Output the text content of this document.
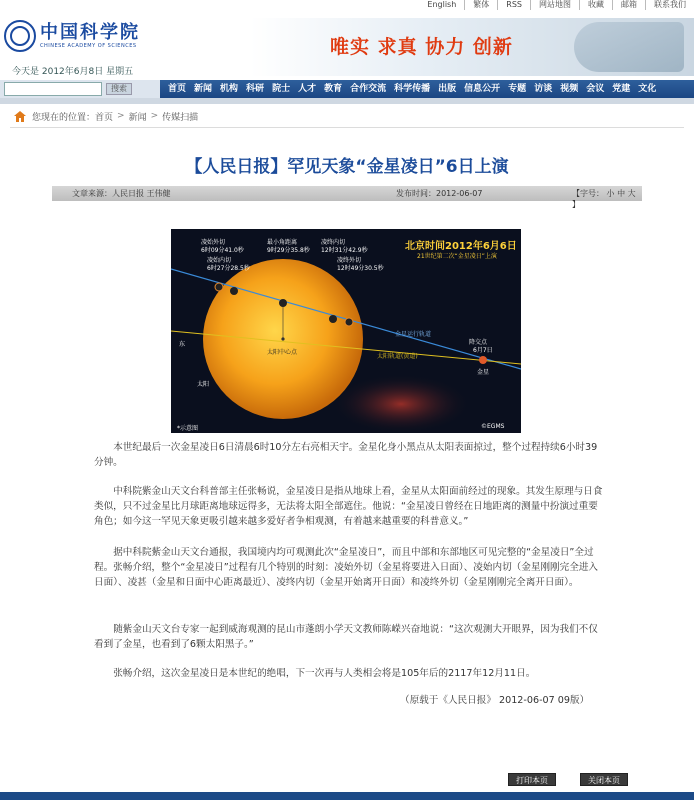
English	繁体	RSS	网站地图	收藏	邮箱	联系我们
中国科学院
CHINESE ACADEMY OF SCIENCES
今天是 2012年6月8日 星期五
唯实 求真 协力 创新
搜索	首页 新闻 机构 科研 院士 人才 教育 合作交流 科学传播 出版 信息公开 专题 访谈 视频 会议 党建 文化
您现在的位置： 首页 > 新闻 > 传媒扫描
【人民日报】罕见天象“金星凌日”6日上演
文章来源：人民日报 王伟健	发布时间：2012-06-07	【字号： 小 中 大 】
北京时间2012年6月6日
21世纪第二次“金星凌日”上演
凌始外切
6时09分41.0秒
凌始内切
6时27分28.5秒
最小角距离
9时29分35.8秒
凌终内切
12时31分42.9秒
凌终外切
12时49分30.5秒
降交点
6月7日
太阳中心点
金星
金星运行轨道
太阳轨道(黄道)
东
太阳
*示意图	©EGMS

本世纪最后一次金星凌日6日清晨6时10分左右亮相天宇。金星化身小黑点从太阳表面掠过，整个过程持续6小时39分钟。

中科院紫金山天文台科普部主任张畅说，金星凌日是指从地球上看，金星从太阳面前经过的现象。其发生原理与日食类似，只不过金星比月球距离地球远得多，无法将太阳全部遮住。他说：“金星凌日曾经在日地距离的测量中扮演过重要角色；如今这一罕见天象更吸引越来越多爱好者争相观测，有着越来越重要的科普意义。”

据中科院紫金山天文台通报，我国境内均可观测此次“金星凌日”，而且中部和东部地区可见完整的“金星凌日”全过程。张畅介绍，整个“金星凌日”过程有几个特别的时刻：凌始外切（金星将要进入日面）、凌始内切（金星刚刚完全进入日面）、凌甚（金星和日面中心距离最近）、凌终内切（金星开始离开日面）和凌终外切（金星刚刚完全离开日面）。

随紫金山天文台专家一起到威海观测的昆山市蓬朗小学天文教师陈嵘兴奋地说：“这次观测大开眼界，因为我们不仅看到了金星，也看到了6颗太阳黑子。”

张畅介绍，这次金星凌日是本世纪的绝唱，下一次再与人类相会将是105年后的2117年12月11日。

（原载于《人民日报》 2012-06-07 09版）
打印本页	关闭本页
